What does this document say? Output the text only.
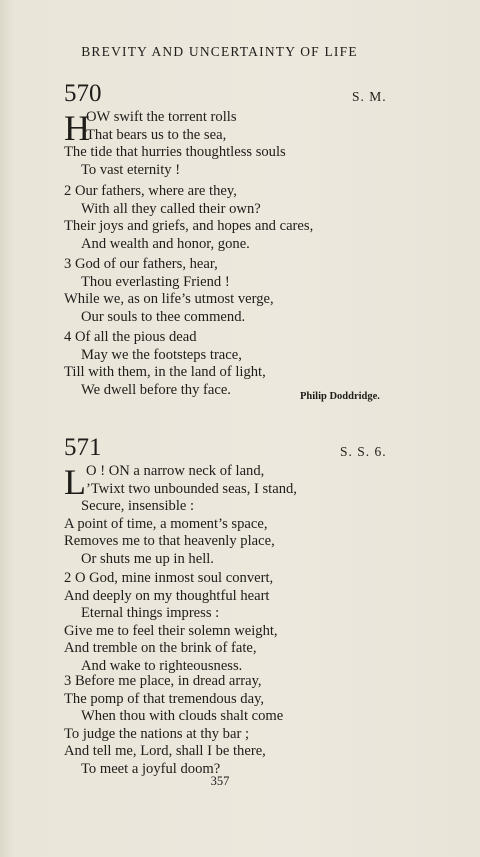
BREVITY AND UNCERTAINTY OF LIFE
570	S. M.
H
OW swift the torrent rolls
That bears us to the sea,
The tide that hurries thoughtless souls
To vast eternity !
2 Our fathers, where are they,
With all they called their own?
Their joys and griefs, and hopes and cares,
And wealth and honor, gone.
3 God of our fathers, hear,
Thou everlasting Friend !
While we, as on life’s utmost verge,
Our souls to thee commend.
4 Of all the pious dead
May we the footsteps trace,
Till with them, in the land of light,
We dwell before thy face.	Philip Doddridge.
571	S. S. 6.
L O ! ON a narrow neck of land,
’Twixt two unbounded seas, I stand,
Secure, insensible :
A point of time, a moment’s space,
Removes me to that heavenly place,
Or shuts me up in hell.
2 O God, mine inmost soul convert,
And deeply on my thoughtful heart
Eternal things impress :
Give me to feel their solemn weight,
And tremble on the brink of fate,
And wake to righteousness.
3 Before me place, in dread array,
The pomp of that tremendous day,
When thou with clouds shalt come
To judge the nations at thy bar ;
And tell me, Lord, shall I be there,
To meet a joyful doom?
357
